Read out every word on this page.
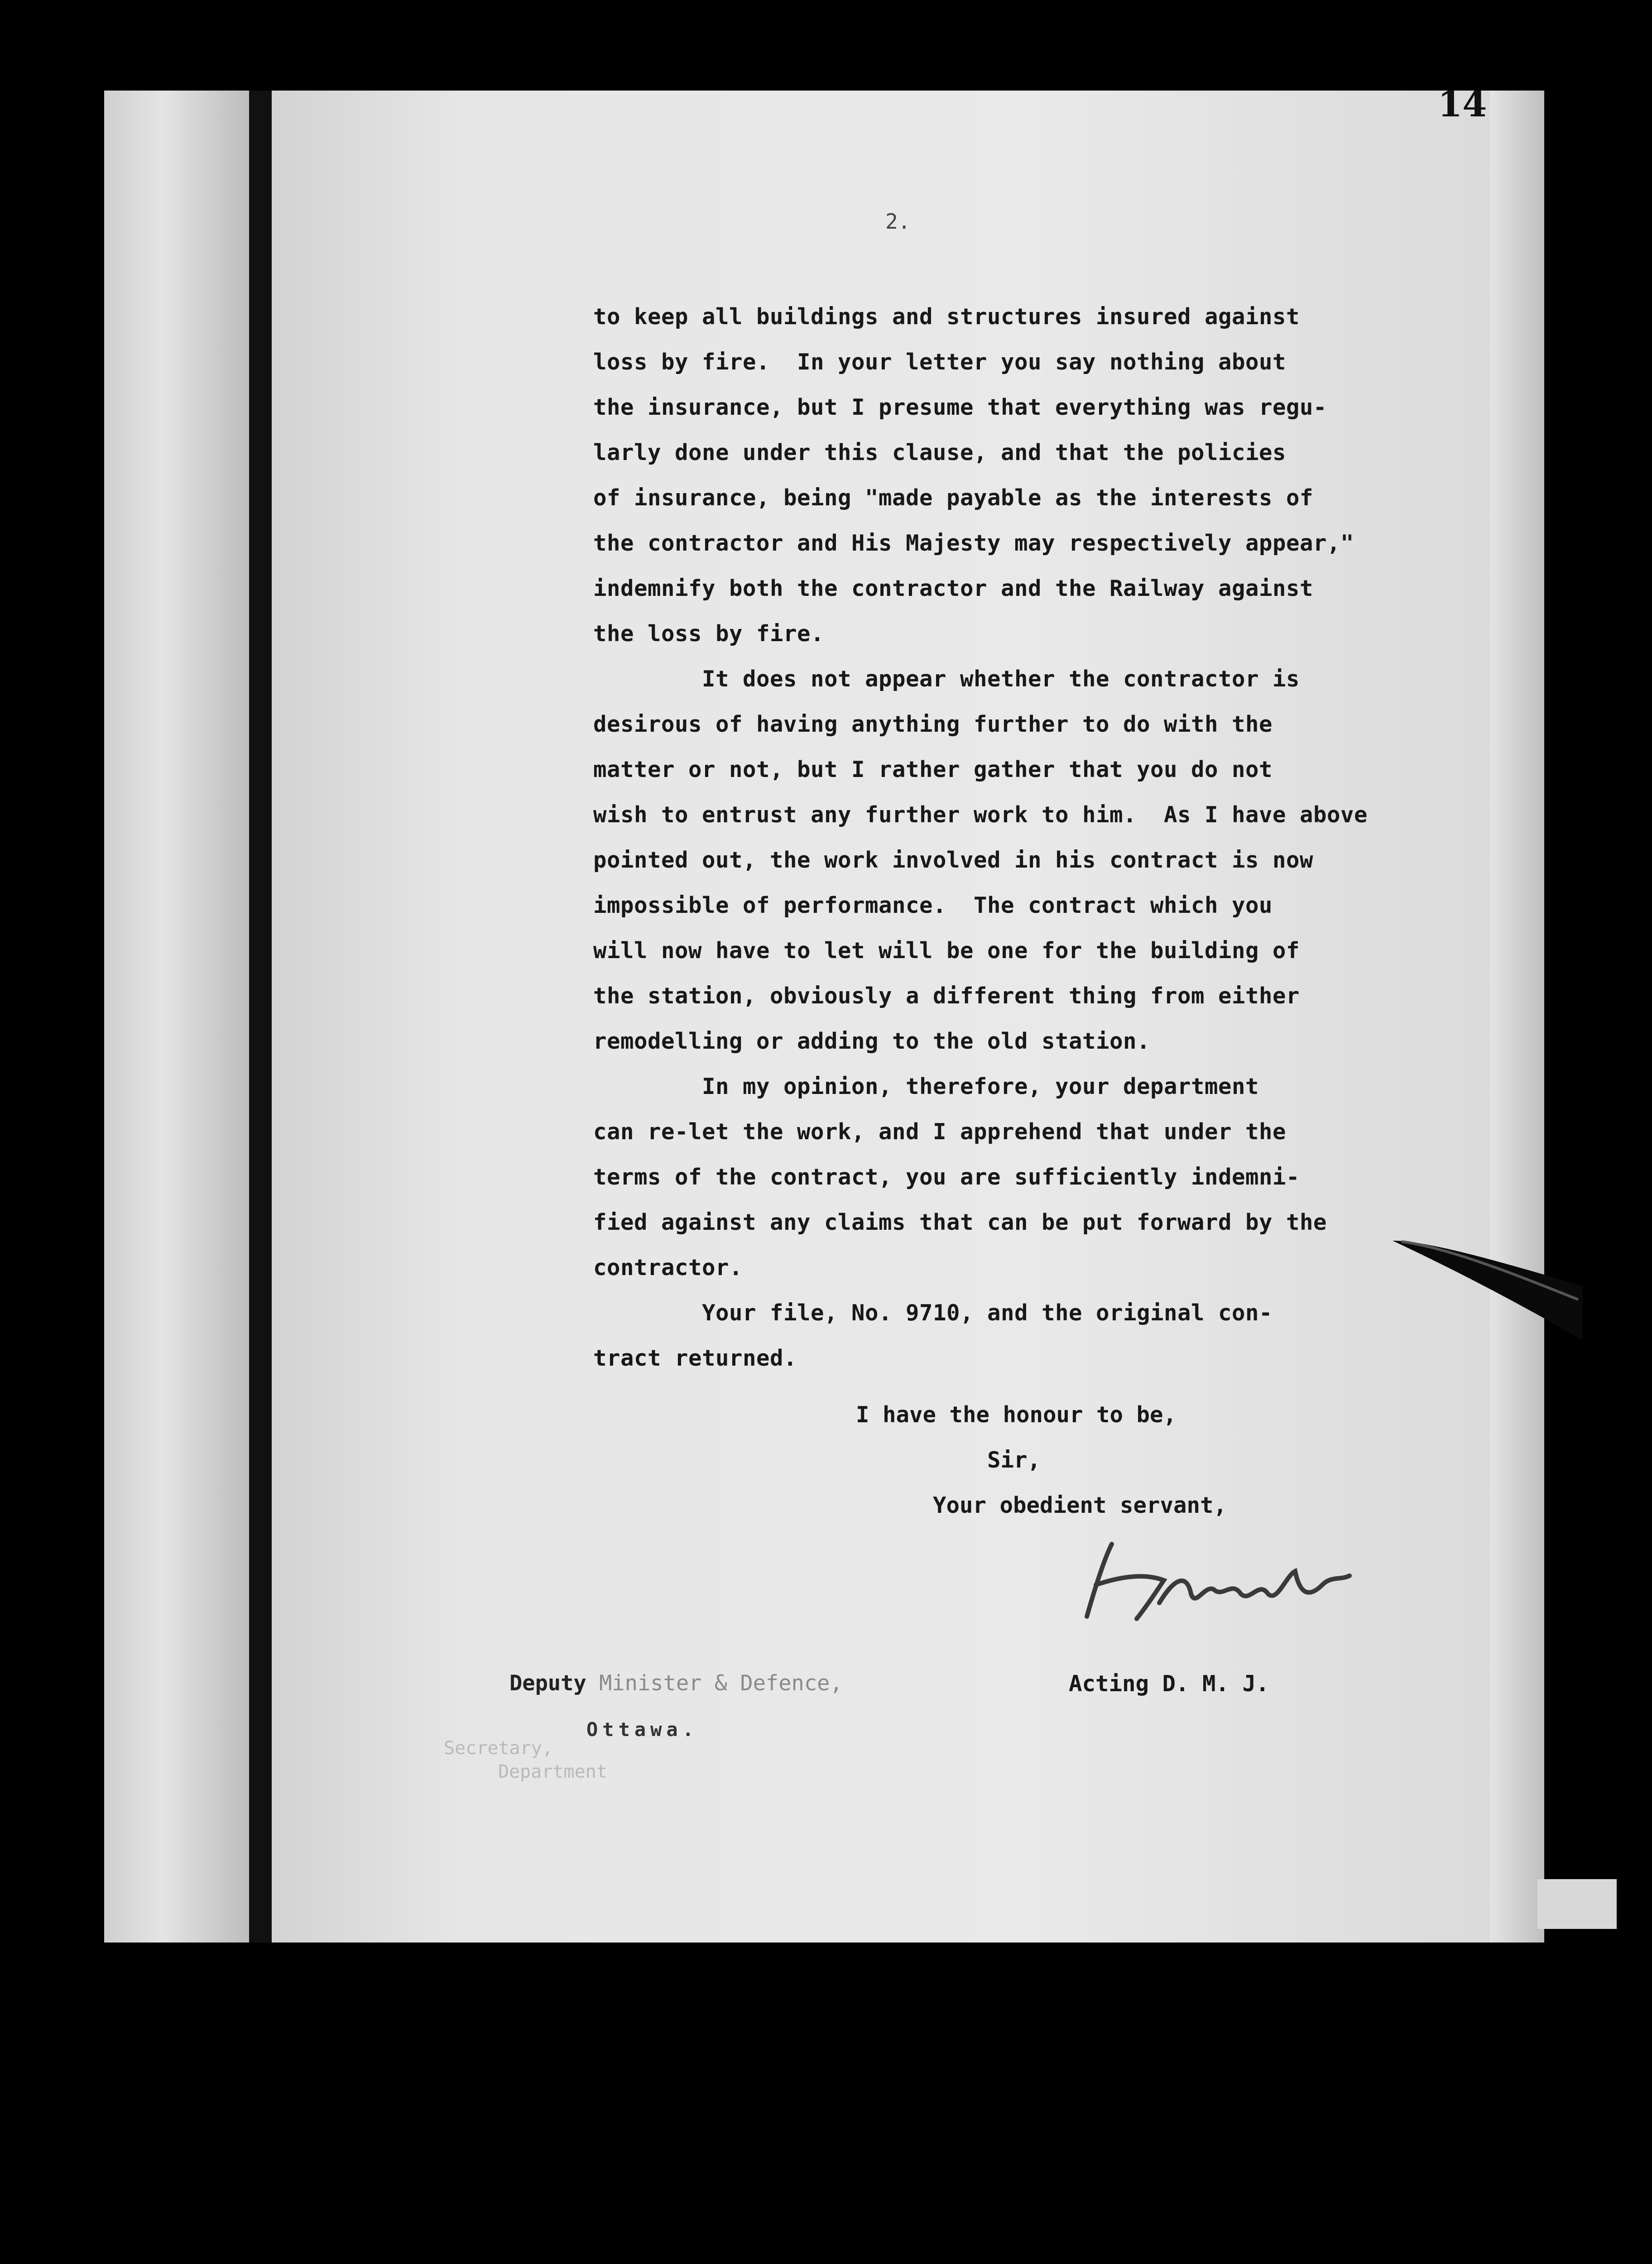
14
2.

to keep all buildings and structures insured against

loss by fire.  In your letter you say nothing about

the insurance, but I presume that everything was regu-

larly done under this clause, and that the policies

of insurance, being "made payable as the interests of

the contractor and His Majesty may respectively appear,"

indemnify both the contractor and the Railway against

the loss by fire.

It does not appear whether the contractor is

desirous of having anything further to do with the

matter or not, but I rather gather that you do not

wish to entrust any further work to him.  As I have above

pointed out, the work involved in his contract is now

impossible of performance.  The contract which you

will now have to let will be one for the building of

the station, obviously a different thing from either

remodelling or adding to the old station.

In my opinion, therefore, your department

can re-let the work, and I apprehend that under the

terms of the contract, you are sufficiently indemni-

fied against any claims that can be put forward by the

contractor.

Your file, No. 9710, and the original con-

tract returned.

I have the honour to be,

Sir,

Your obedient servant,

Deputy Minister & Defence,
Ottawa.

Secretary,

Department

Acting D. M. J.
